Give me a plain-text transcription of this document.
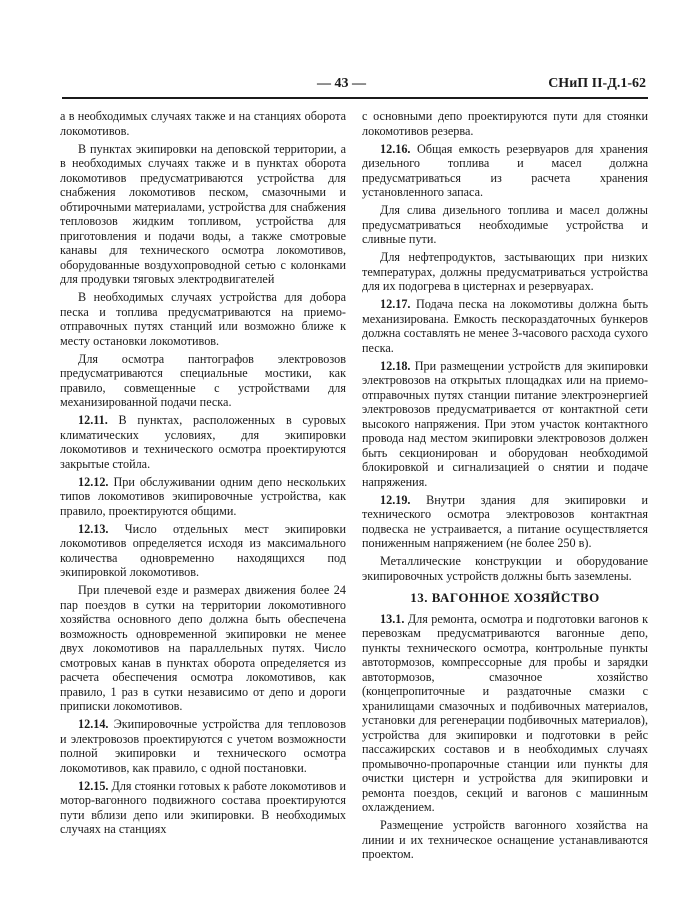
— 43 —	СНиП II-Д.1-62

а в необходимых случаях также и на станциях оборота локомотивов.

В пунктах экипировки на деповской территории, а в необходимых случаях также и в пунктах оборота локомотивов предусматриваются устройства для снабжения локомотивов песком, смазочными и обтирочными материалами, устройства для снабжения тепловозов жидким топливом, устройства для приготовления и подачи воды, а также смотровые канавы для технического осмотра локомотивов, оборудованные воздухопроводной сетью с колонками для продувки тяговых электродвигателей

В необходимых случаях устройства для добора песка и топлива предусматриваются на приемо-отправочных путях станций или возможно ближе к месту остановки локомотивов.

Для осмотра пантографов электровозов предусматриваются специальные мостики, как правило, совмещенные с устройствами для механизированной подачи песка.

12.11. В пунктах, расположенных в суровых климатических условиях, для экипировки локомотивов и технического осмотра проектируются закрытые стойла.

12.12. При обслуживании одним депо нескольких типов локомотивов экипировочные устройства, как правило, проектируются общими.

12.13. Число отдельных мест экипировки локомотивов определяется исходя из максимального количества одновременно находящихся под экипировкой локомотивов.

При плечевой езде и размерах движения более 24 пар поездов в сутки на территории локомотивного хозяйства основного депо должна быть обеспечена возможность одновременной экипировки не менее двух локомотивов на параллельных путях. Число смотровых канав в пунктах оборота определяется из расчета обеспечения осмотра локомотивов, как правило, 1 раз в сутки независимо от депо и дороги приписки локомотивов.

12.14. Экипировочные устройства для тепловозов и электровозов проектируются с учетом возможности полной экипировки и технического осмотра локомотивов, как правило, с одной постановки.

12.15. Для стоянки готовых к работе локомотивов и мотор-вагонного подвижного состава проектируются пути вблизи депо или экипировки. В необходимых случаях на станциях

с основными депо проектируются пути для стоянки локомотивов резерва.

12.16. Общая емкость резервуаров для хранения дизельного топлива и масел должна предусматриваться из расчета хранения установленного запаса.

Для слива дизельного топлива и масел должны предусматриваться необходимые устройства и сливные пути.

Для нефтепродуктов, застывающих при низких температурах, должны предусматриваться устройства для их подогрева в цистернах и резервуарах.

12.17. Подача песка на локомотивы должна быть механизирована. Емкость пескораздаточных бункеров должна составлять не менее 3-часового расхода сухого песка.

12.18. При размещении устройств для экипировки электровозов на открытых площадках или на приемо-отправочных путях станции питание электроэнергией электровозов предусматривается от контактной сети высокого напряжения. При этом участок контактного провода над местом экипировки электровозов должен быть секционирован и оборудован необходимой блокировкой и сигнализацией о снятии и подаче напряжения.

12.19. Внутри здания для экипировки и технического осмотра электровозов контактная подвеска не устраивается, а питание осуществляется пониженным напряжением (не более 250 в).

Металлические конструкции и оборудование экипировочных устройств должны быть заземлены.

13. ВАГОННОЕ ХОЗЯЙСТВО

13.1. Для ремонта, осмотра и подготовки вагонов к перевозкам предусматриваются вагонные депо, пункты технического осмотра, контрольные пункты автотормозов, компрессорные для пробы и зарядки автотормозов, смазочное хозяйство (концепропиточные и раздаточные смазки с хранилищами смазочных и подбивочных материалов, установки для регенерации подбивочных материалов), устройства для экипировки и подготовки в рейс пассажирских составов и в необходимых случаях промывочно-пропарочные станции или пункты для очистки цистерн и устройства для экипировки и ремонта поездов, секций и вагонов с машинным охлаждением.

Размещение устройств вагонного хозяйства на линии и их техническое оснащение устанавливаются проектом.
